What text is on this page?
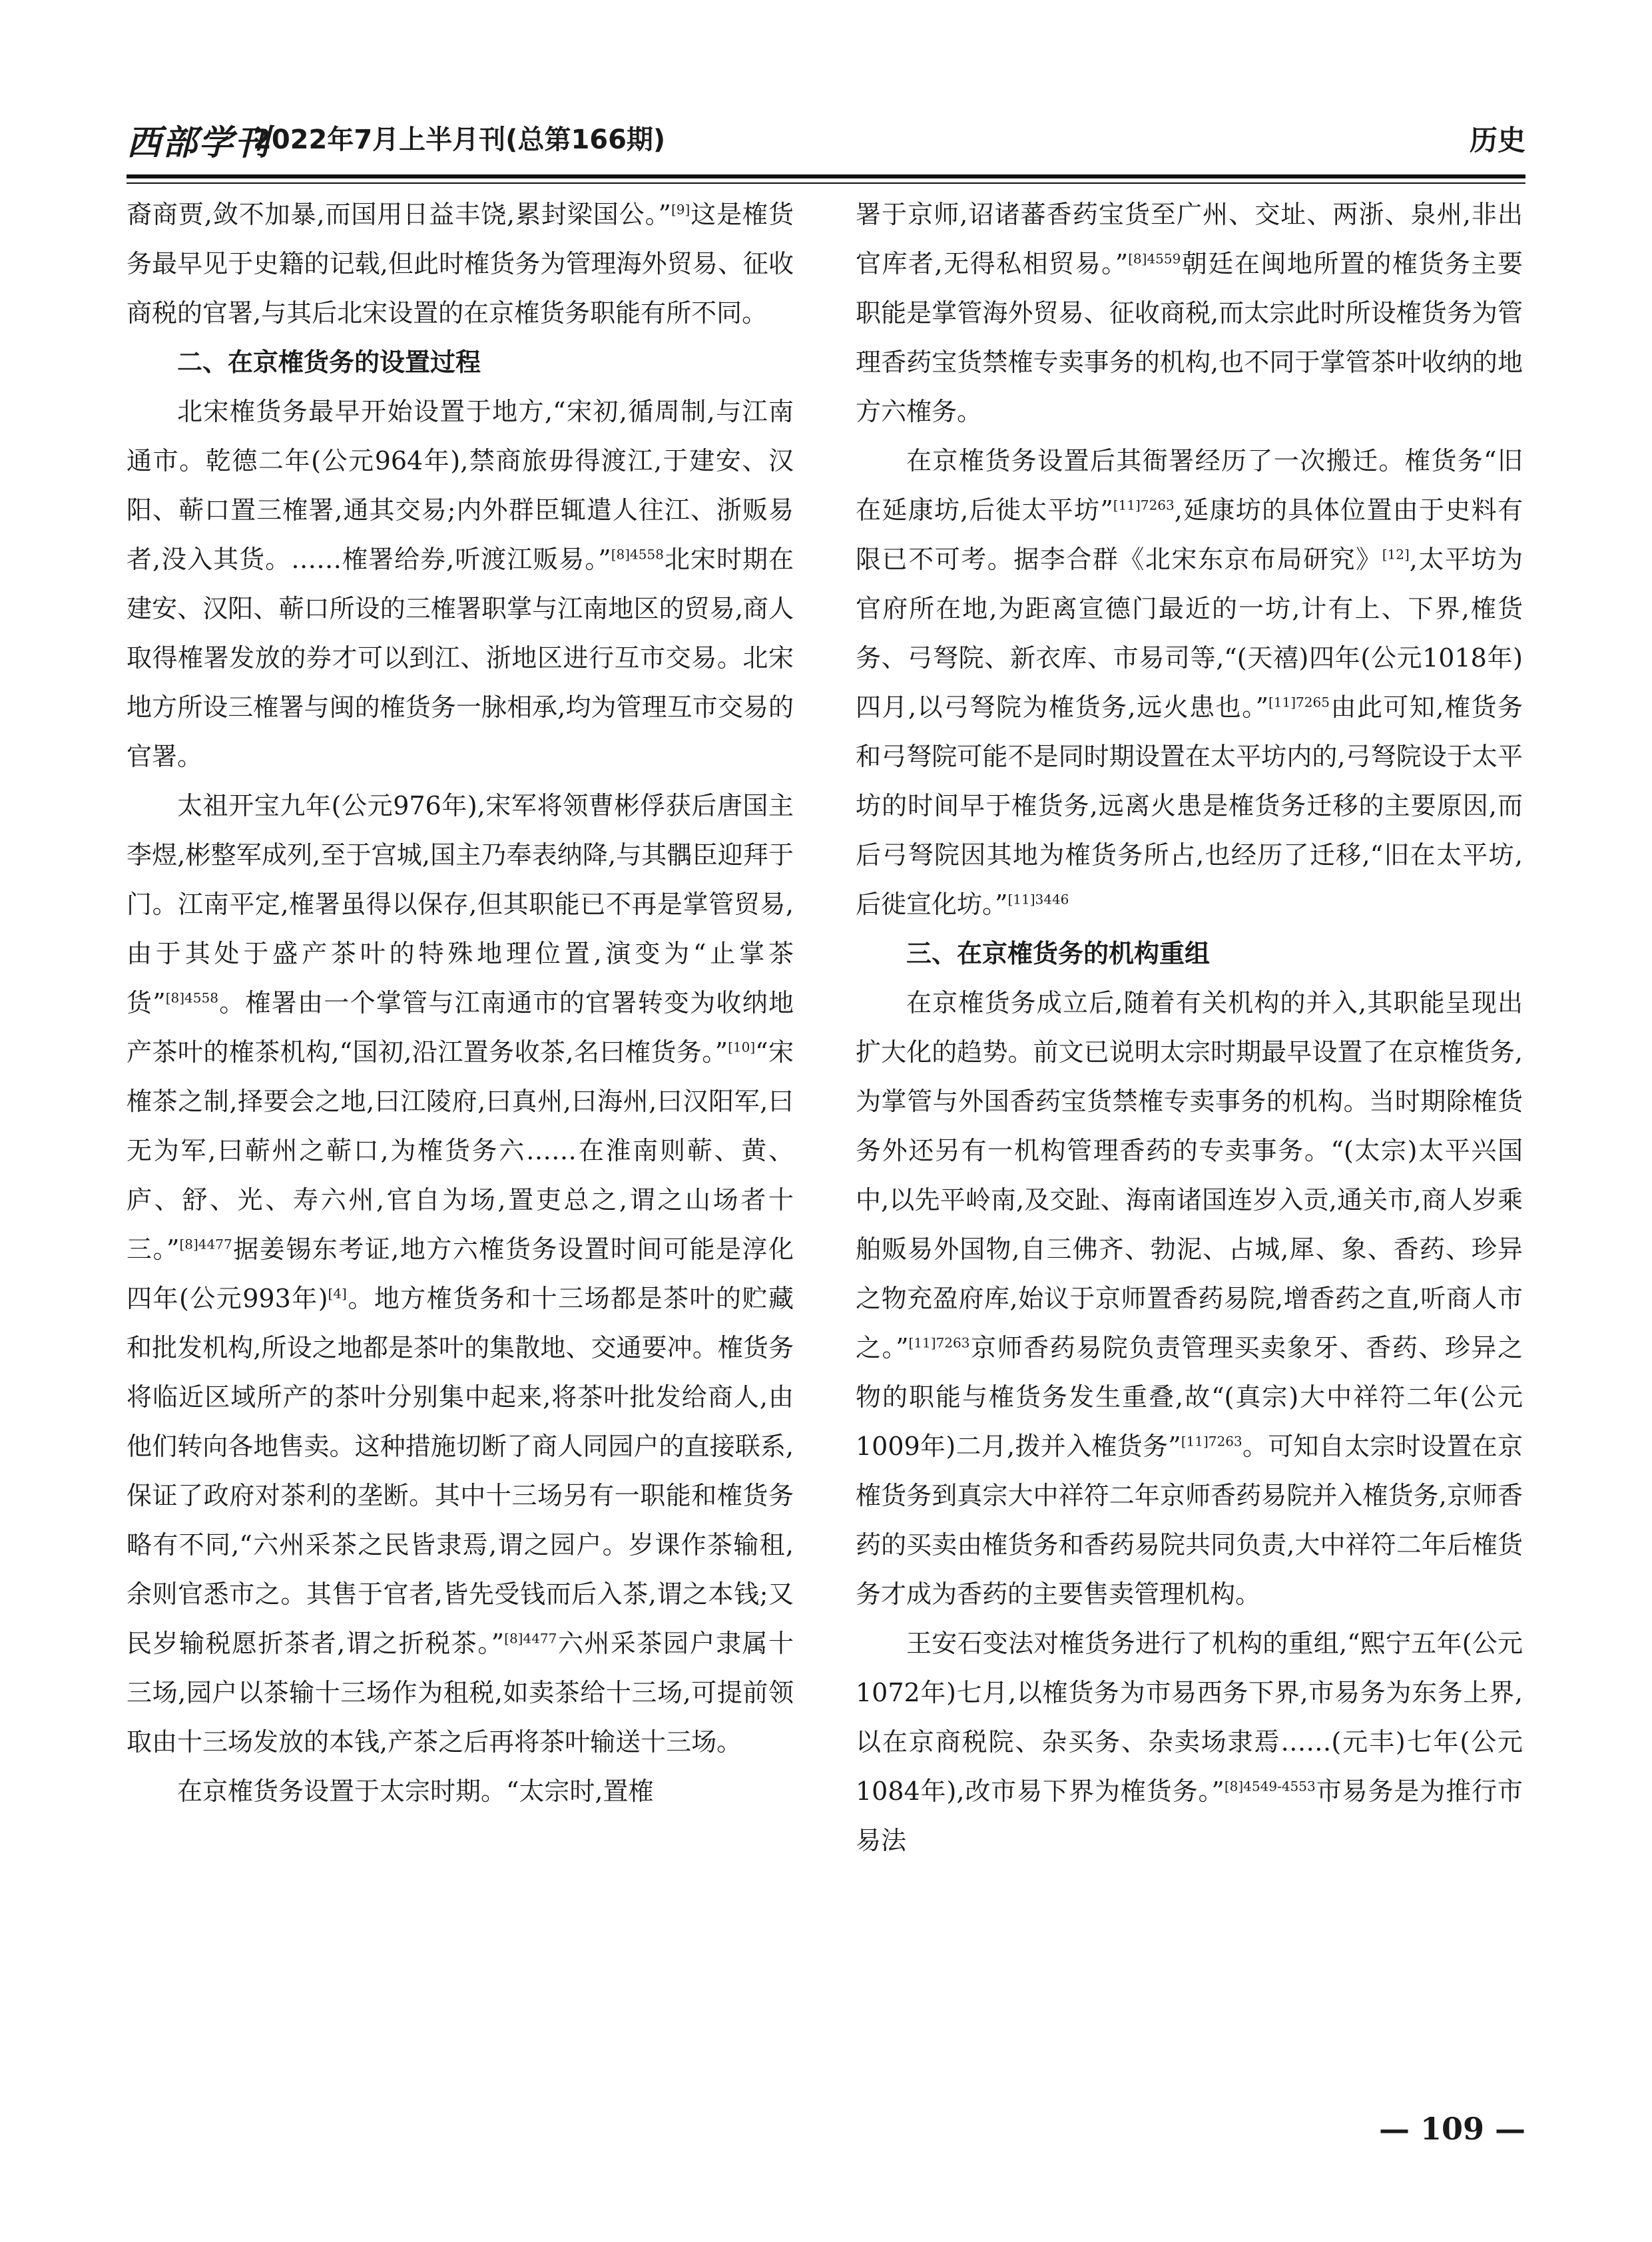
西部学刊
2022年7月上半月刊(总第166期)	历史

裔商贾,敛不加暴,而国用日益丰饶,累封梁国公。”[9]这是榷货务最早见于史籍的记载,但此时榷货务为管理海外贸易、征收商税的官署,与其后北宋设置的在京榷货务职能有所不同。

二、在京榷货务的设置过程

北宋榷货务最早开始设置于地方,“宋初,循周制,与江南通市。乾德二年(公元964年),禁商旅毋得渡江,于建安、汉阳、蕲口置三榷署,通其交易;内外群臣辄遣人往江、浙贩易者,没入其货。……榷署给券,听渡江贩易。”$^{[8]4558}$北宋时期在建安、汉阳、蕲口所设的三榷署职掌与江南地区的贸易,商人取得榷署发放的券才可以到江、浙地区进行互市交易。北宋地方所设三榷署与闽的榷货务一脉相承,均为管理互市交易的官署。

太祖开宝九年(公元976年),宋军将领曹彬俘获后唐国主李煜,彬整军成列,至于宫城,国主乃奉表纳降,与其髃臣迎拜于门。江南平定,榷署虽得以保存,但其职能已不再是掌管贸易,由于其处于盛产茶叶的特殊地理位置,演变为“止掌茶货”$^{[8]4558}$。榷署由一个掌管与江南通市的官署转变为收纳地产茶叶的榷茶机构,“国初,沿江置务收茶,名曰榷货务。”[10]“宋榷茶之制,择要会之地,曰江陵府,曰真州,曰海州,曰汉阳军,曰无为军,曰蕲州之蕲口,为榷货务六……在淮南则蕲、黄、庐、舒、光、寿六州,官自为场,置吏总之,谓之山场者十三。”$^{[8]4477}$据姜锡东考证,地方六榷货务设置时间可能是淳化四年(公元993年)[4]。地方榷货务和十三场都是茶叶的贮藏和批发机构,所设之地都是茶叶的集散地、交通要冲。榷货务将临近区域所产的茶叶分别集中起来,将茶叶批发给商人,由他们转向各地售卖。这种措施切断了商人同园户的直接联系,保证了政府对茶利的垄断。其中十三场另有一职能和榷货务略有不同,“六州采茶之民皆隶焉,谓之园户。岁课作茶输租,余则官悉市之。其售于官者,皆先受钱而后入茶,谓之本钱;又民岁输税愿折茶者,谓之折税茶。”$^{[8]4477}$六州采茶园户隶属十三场,园户以茶输十三场作为租税,如卖茶给十三场,可提前领取由十三场发放的本钱,产茶之后再将茶叶输送十三场。

在京榷货务设置于太宗时期。“太宗时,置榷

署于京师,诏诸蕃香药宝货至广州、交址、两浙、泉州,非出官库者,无得私相贸易。”$^{[8]4559}$朝廷在闽地所置的榷货务主要职能是掌管海外贸易、征收商税,而太宗此时所设榷货务为管理香药宝货禁榷专卖事务的机构,也不同于掌管茶叶收纳的地方六榷务。

在京榷货务设置后其衙署经历了一次搬迁。榷货务“旧在延康坊,后徙太平坊”$^{[11]7263}$,延康坊的具体位置由于史料有限已不可考。据李合群《北宋东京布局研究》[12],太平坊为官府所在地,为距离宣德门最近的一坊,计有上、下界,榷货务、弓弩院、新衣库、市易司等,“(天禧)四年(公元1018年)四月,以弓弩院为榷货务,远火患也。”$^{[11]7265}$由此可知,榷货务和弓弩院可能不是同时期设置在太平坊内的,弓弩院设于太平坊的时间早于榷货务,远离火患是榷货务迁移的主要原因,而后弓弩院因其地为榷货务所占,也经历了迁移,“旧在太平坊,后徙宣化坊。”$^{[11]3446}$

三、在京榷货务的机构重组

在京榷货务成立后,随着有关机构的并入,其职能呈现出扩大化的趋势。前文已说明太宗时期最早设置了在京榷货务,为掌管与外国香药宝货禁榷专卖事务的机构。当时期除榷货务外还另有一机构管理香药的专卖事务。“(太宗)太平兴国中,以先平岭南,及交趾、海南诸国连岁入贡,通关市,商人岁乘舶贩易外国物,自三佛齐、勃泥、占城,犀、象、香药、珍异之物充盈府库,始议于京师置香药易院,增香药之直,听商人市之。”$^{[11]7263}$京师香药易院负责管理买卖象牙、香药、珍异之物的职能与榷货务发生重叠,故“(真宗)大中祥符二年(公元1009年)二月,拨并入榷货务”$^{[11]7263}$。可知自太宗时设置在京榷货务到真宗大中祥符二年京师香药易院并入榷货务,京师香药的买卖由榷货务和香药易院共同负责,大中祥符二年后榷货务才成为香药的主要售卖管理机构。

王安石变法对榷货务进行了机构的重组,“熙宁五年(公元1072年)七月,以榷货务为市易西务下界,市易务为东务上界,以在京商税院、杂买务、杂卖场隶焉……(元丰)七年(公元1084年),改市易下界为榷货务。”$^{[8]4549-4553}$市易务是为推行市易法

— 109 —
